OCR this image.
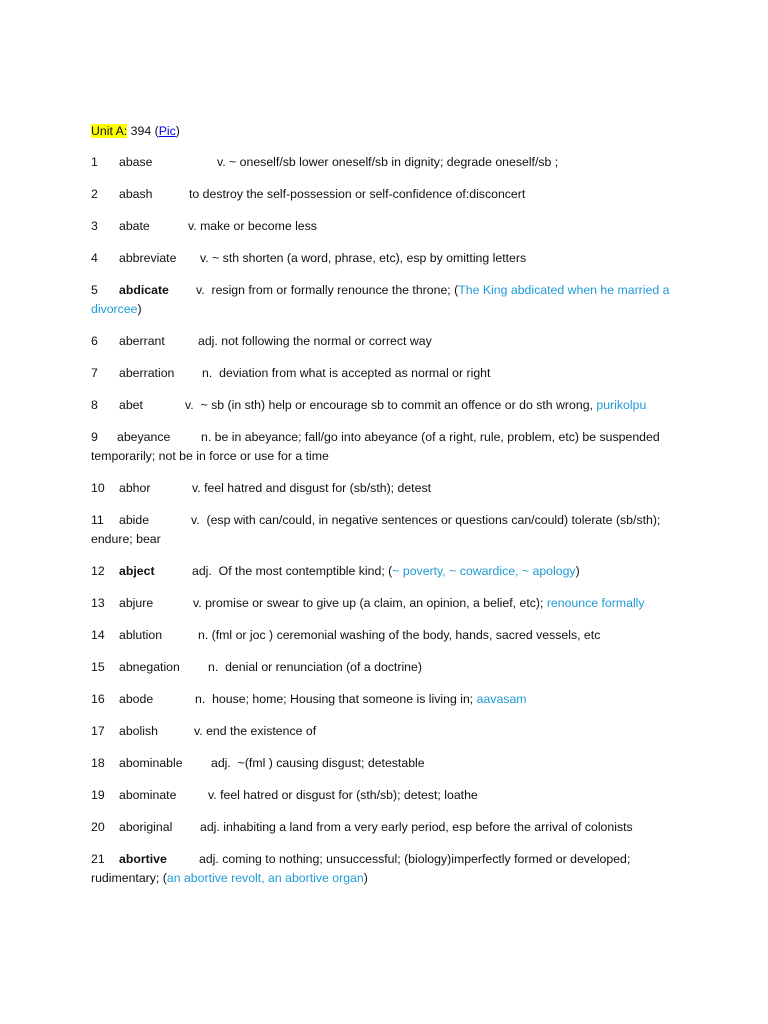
Unit A: 394 (Pic)
1 abase	v. ~ oneself/sb lower oneself/sb in dignity; degrade oneself/sb ;
2 abash	to destroy the self-possession or self-confidence of:disconcert
3 abate	v. make or become less
4 abbreviate v. ~ sth shorten (a word, phrase, etc), esp by omitting letters
5 abdicate v.  resign from or formally renounce the throne; (The King abdicated when he married a divorcee)
6 aberrant	adj. not following the normal or correct way
7 aberration n.  deviation from what is accepted as normal or right
8 abet	v.  ~ sb (in sth) help or encourage sb to commit an offence or do sth wrong, purikolpu
9 abeyance n. be in abeyance; fall/go into abeyance (of a right, rule, problem, etc) be suspended temporarily; not be in force or use for a time
10 abhor	v. feel hatred and disgust for (sb/sth); detest
11 abide	v.  (esp with can/could, in negative sentences or questions can/could) tolerate (sb/sth); endure; bear
12 abject	adj.  Of the most contemptible kind; (~ poverty, ~ cowardice, ~ apology)
13 abjure	v. promise or swear to give up (a claim, an opinion, a belief, etc); renounce formally
14 ablution	n. (fml or joc ) ceremonial washing of the body, hands, sacred vessels, etc
15 abnegation n.  denial or renunciation (of a doctrine)
16 abode	n.  house; home; Housing that someone is living in; aavasam
17 abolish	v. end the existence of
18 abominable adj.  ~(fml ) causing disgust; detestable
19 abominate	v. feel hatred or disgust for (sth/sb); detest; loathe
20 aboriginal adj. inhabiting a land from a very early period, esp before the arrival of colonists
21 abortive	adj. coming to nothing; unsuccessful; (biology)imperfectly formed or developed; rudimentary; (an abortive revolt, an abortive organ)
